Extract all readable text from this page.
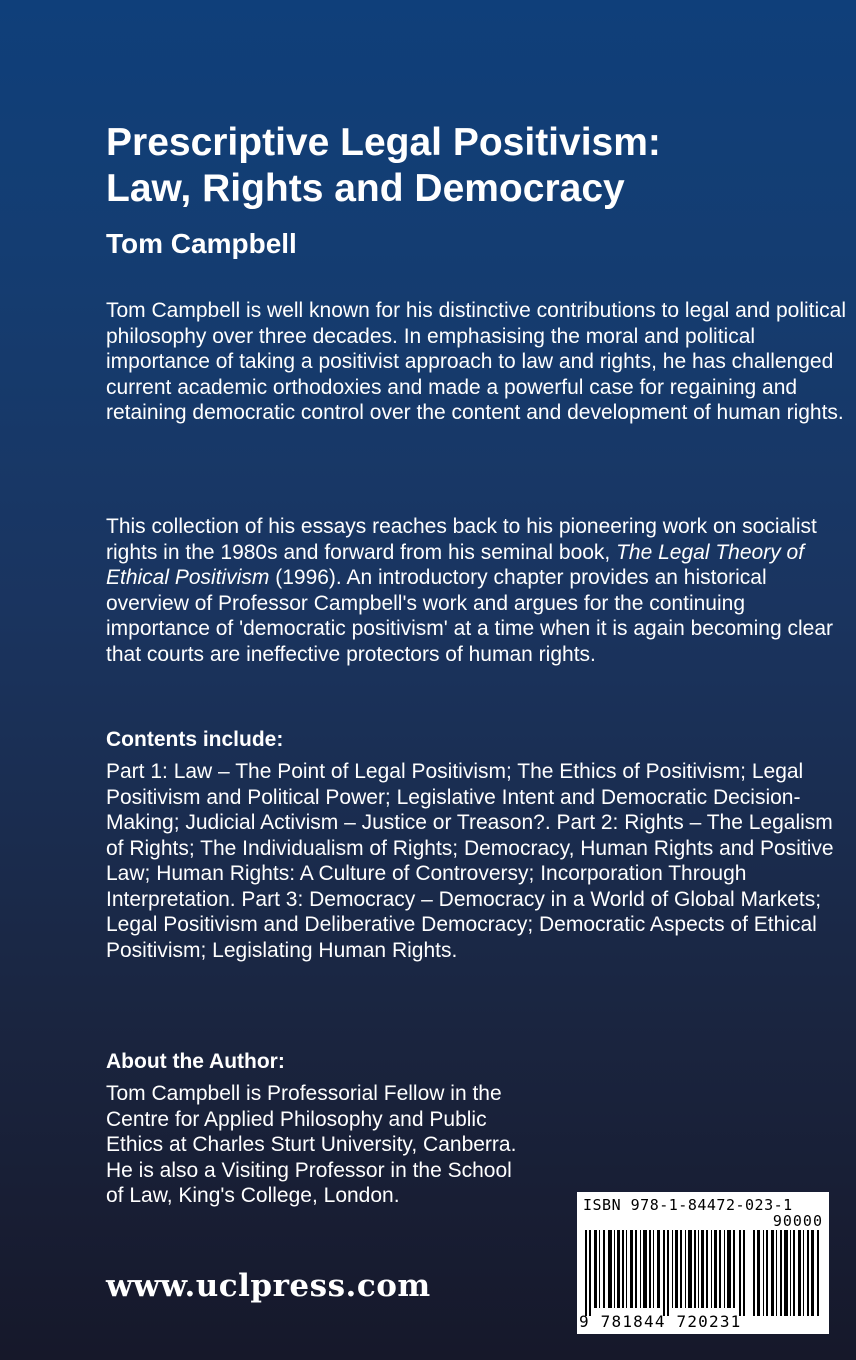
Prescriptive Legal Positivism:
Law, Rights and Democracy
Tom Campbell

Tom Campbell is well known for his distinctive contributions to legal and political philosophy over three decades. In emphasising the moral and political importance of taking a positivist approach to law and rights, he has challenged current academic orthodoxies and made a powerful case for regaining and retaining democratic control over the content and development of human rights.

This collection of his essays reaches back to his pioneering work on socialist rights in the 1980s and forward from his seminal book, The Legal Theory of Ethical Positivism (1996). An introductory chapter provides an historical overview of Professor Campbell's work and argues for the continuing importance of 'democratic positivism' at a time when it is again becoming clear that courts are ineffective protectors of human rights.

Contents include:

Part 1: Law – The Point of Legal Positivism; The Ethics of Positivism; Legal Positivism and Political Power; Legislative Intent and Democratic Decision-Making; Judicial Activism – Justice or Treason?. Part 2: Rights – The Legalism of Rights; The Individualism of Rights; Democracy, Human Rights and Positive Law; Human Rights: A Culture of Controversy; Incorporation Through Interpretation. Part 3: Democracy – Democracy in a World of Global Markets; Legal Positivism and Deliberative Democracy; Democratic Aspects of Ethical Positivism; Legislating Human Rights.

About the Author:

Tom Campbell is Professorial Fellow in the Centre for Applied Philosophy and Public Ethics at Charles Sturt University, Canberra. He is also a Visiting Professor in the School of Law, King's College, London.

www.uclpress.com
ISBN 978-1-84472-023-1
90000
9 781844 720231
